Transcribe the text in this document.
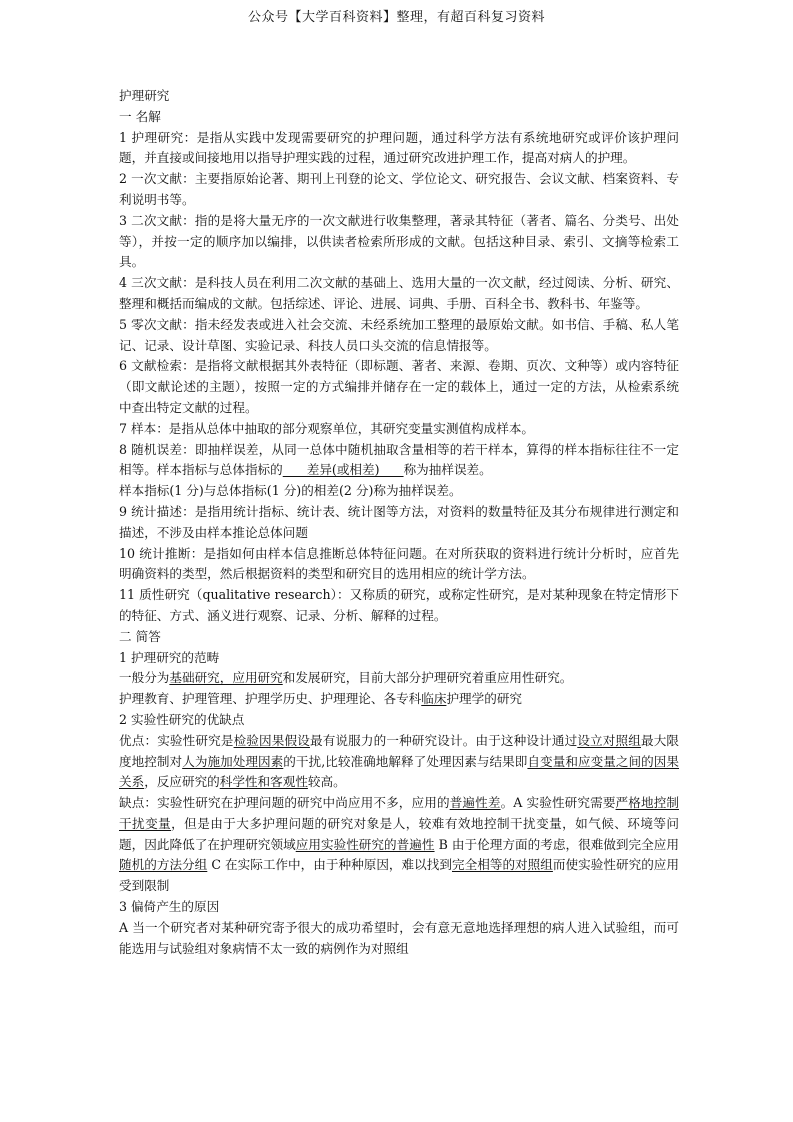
公众号【大学百科资料】整理，有超百科复习资料

护理研究

一 名解

1 护理研究：是指从实践中发现需要研究的护理问题，通过科学方法有系统地研究或评价该护理问题，并直接或间接地用以指导护理实践的过程，通过研究改进护理工作，提高对病人的护理。

2 一次文献：主要指原始论著、期刊上刊登的论文、学位论文、研究报告、会议文献、档案资料、专利说明书等。

3 二次文献：指的是将大量无序的一次文献进行收集整理，著录其特征（著者、篇名、分类号、出处等），并按一定的顺序加以编排，以供读者检索所形成的文献。包括这种目录、索引、文摘等检索工具。

4 三次文献：是科技人员在利用二次文献的基础上、选用大量的一次文献，经过阅读、分析、研究、整理和概括而编成的文献。包括综述、评论、进展、词典、手册、百科全书、教科书、年鉴等。

5 零次文献：指未经发表或进入社会交流、未经系统加工整理的最原始文献。如书信、手稿、私人笔记、记录、设计草图、实验记录、科技人员口头交流的信息情报等。

6 文献检索：是指将文献根据其外表特征（即标题、著者、来源、卷期、页次、文种等）或内容特征（即文献论述的主题），按照一定的方式编排并储存在一定的载体上，通过一定的方法，从检索系统中查出特定文献的过程。

7 样本：是指从总体中抽取的部分观察单位，其研究变量实测值构成样本。

8 随机误差：即抽样误差，从同一总体中随机抽取含量相等的若干样本，算得的样本指标往往不一定相等。样本指标与总体指标的      差异(或相差)      称为抽样误差。

样本指标(1 分)与总体指标(1 分)的相差(2 分)称为抽样误差。

9 统计描述：是指用统计指标、统计表、统计图等方法，对资料的数量特征及其分布规律进行测定和描述，不涉及由样本推论总体问题

10 统计推断：是指如何由样本信息推断总体特征问题。在对所获取的资料进行统计分析时，应首先明确资料的类型，然后根据资料的类型和研究目的选用相应的统计学方法。

11 质性研究（qualitative research）：又称质的研究，或称定性研究，是对某种现象在特定情形下的特征、方式、涵义进行观察、记录、分析、解释的过程。

二 简答

1 护理研究的范畴

一般分为基础研究，应用研究和发展研究，目前大部分护理研究着重应用性研究。

护理教育、护理管理、护理学历史、护理理论、各专科临床护理学的研究

2 实验性研究的优缺点

优点：实验性研究是检验因果假设最有说服力的一种研究设计。由于这种设计通过设立对照组最大限度地控制对人为施加处理因素的干扰,比较准确地解释了处理因素与结果即自变量和应变量之间的因果关系，反应研究的科学性和客观性较高。

缺点：实验性研究在护理问题的研究中尚应用不多，应用的普遍性差。A 实验性研究需要严格地控制干扰变量，但是由于大多护理问题的研究对象是人，较难有效地控制干扰变量，如气候、环境等问题，因此降低了在护理研究领域应用实验性研究的普遍性 B 由于伦理方面的考虑，很难做到完全应用随机的方法分组 C 在实际工作中，由于种种原因，难以找到完全相等的对照组而使实验性研究的应用受到限制

3 偏倚产生的原因

A 当一个研究者对某种研究寄予很大的成功希望时，会有意无意地选择理想的病人进入试验组，而可能选用与试验组对象病情不太一致的病例作为对照组
